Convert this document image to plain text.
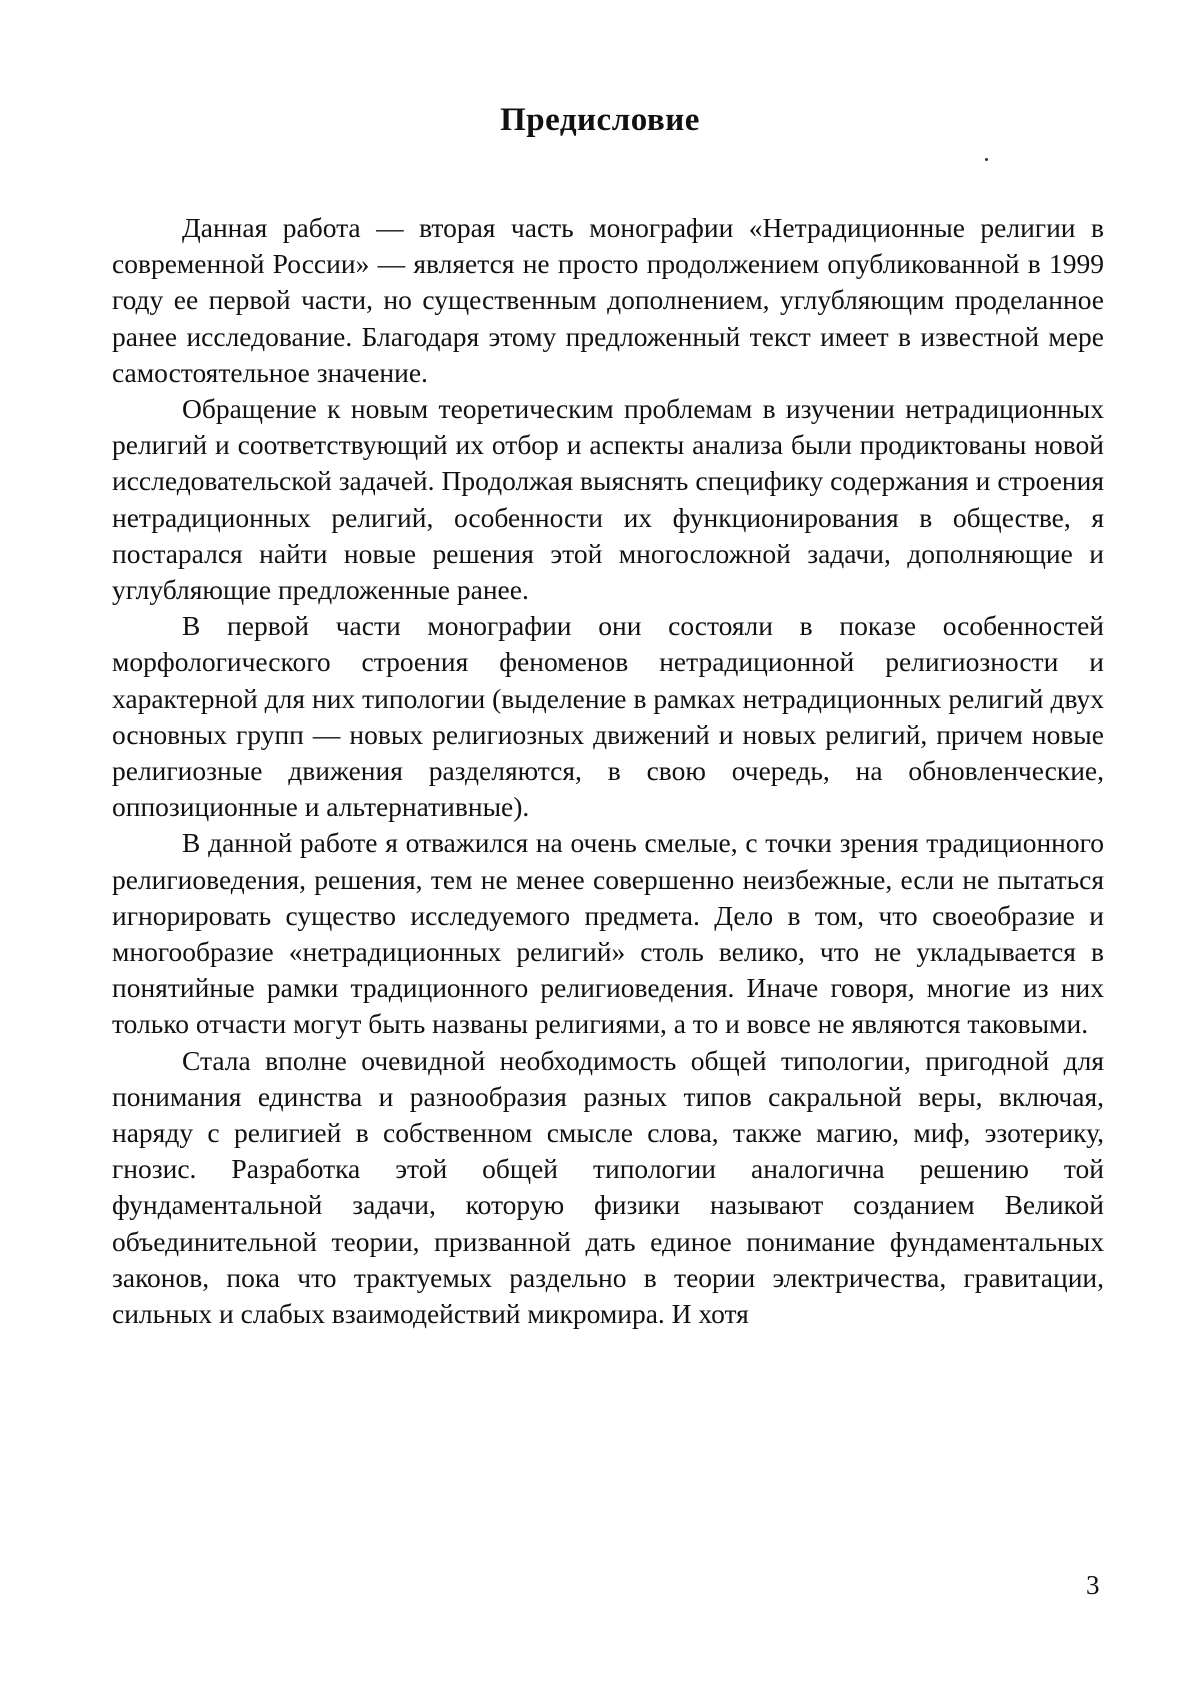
Предисловие

Данная работа — вторая часть монографии «Нетрадиционные религии в современной России» — является не просто продолжением опубликованной в 1999 году ее первой части, но существенным дополнением, углубляющим проделанное ранее исследование. Благодаря этому предложенный текст имеет в известной мере самостоятельное значение.

Обращение к новым теоретическим проблемам в изучении нетрадиционных религий и соответствующий их отбор и аспекты анализа были продиктованы новой исследовательской задачей. Продолжая выяснять специфику содержания и строения нетрадиционных религий, особенности их функционирования в обществе, я постарался найти новые решения этой многосложной задачи, дополняющие и углубляющие предложенные ранее.

В первой части монографии они состояли в показе особенностей морфологического строения феноменов нетрадиционной религиозности и характерной для них типологии (выделение в рамках нетрадиционных религий двух основных групп — новых религиозных движений и новых религий, причем новые религиозные движения разделяются, в свою очередь, на обновленческие, оппозиционные и альтернативные).

В данной работе я отважился на очень смелые, с точки зрения традиционного религиоведения, решения, тем не менее совершенно неизбежные, если не пытаться игнорировать существо исследуемого предмета. Дело в том, что своеобразие и многообразие «нетрадиционных религий» столь велико, что не укладывается в понятийные рамки традиционного религиоведения. Иначе говоря, многие из них только отчасти могут быть названы религиями, а то и вовсе не являются таковыми.

Стала вполне очевидной необходимость общей типологии, пригодной для понимания единства и разнообразия разных типов сакральной веры, включая, наряду с религией в собственном смысле слова, также магию, миф, эзотерику, гнозис. Разработка этой общей типологии аналогична решению той фундаментальной задачи, которую физики называют созданием Великой объединительной теории, призванной дать единое понимание фундаментальных законов, пока что трактуемых раздельно в теории электричества, гравитации, сильных и слабых взаимодействий микромира. И хотя

3
